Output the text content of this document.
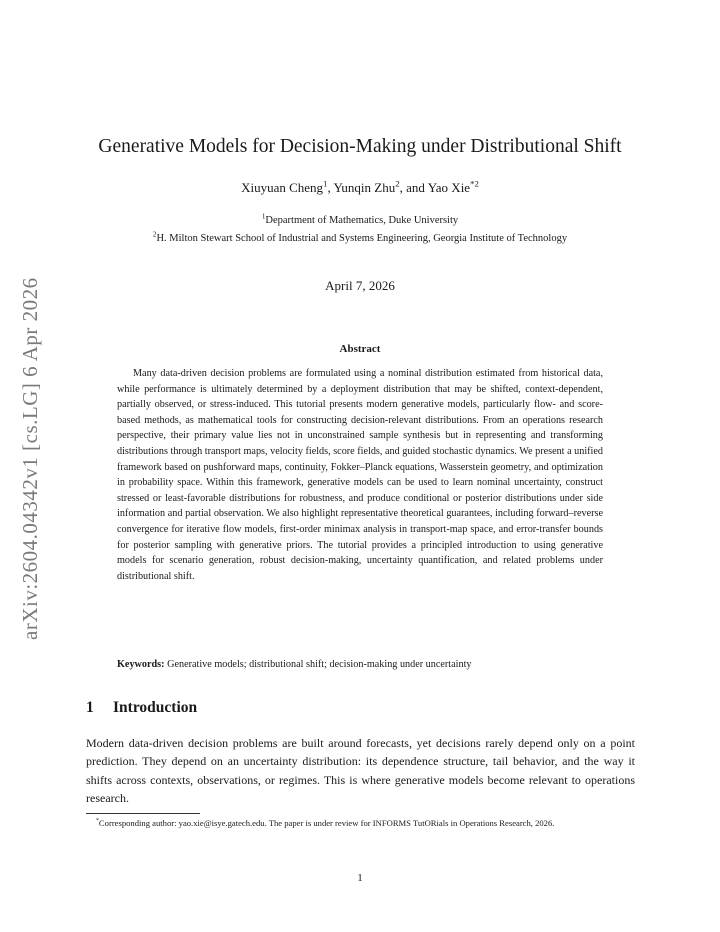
arXiv:2604.04342v1 [cs.LG] 6 Apr 2026
Generative Models for Decision-Making under Distributional Shift
Xiuyuan Cheng$^1$, Yunqin Zhu$^2$, and Yao Xie$^{*2}$
$^1$Department of Mathematics, Duke University
$^2$H. Milton Stewart School of Industrial and Systems Engineering, Georgia Institute of Technology
April 7, 2026
Abstract

Many data-driven decision problems are formulated using a nominal distribution estimated from historical data, while performance is ultimately determined by a deployment distribution that may be shifted, context-dependent, partially observed, or stress-induced. This tutorial presents modern generative models, particularly flow- and score-based methods, as mathematical tools for constructing decision-relevant distributions. From an operations research perspective, their primary value lies not in unconstrained sample synthesis but in representing and transforming distributions through transport maps, velocity fields, score fields, and guided stochastic dynamics. We present a unified framework based on pushforward maps, continuity, Fokker–Planck equations, Wasserstein geometry, and optimization in probability space. Within this framework, generative models can be used to learn nominal uncertainty, construct stressed or least-favorable distributions for robustness, and produce conditional or posterior distributions under side information and partial observation. We also highlight representative theoretical guarantees, including forward–reverse convergence for iterative flow models, first-order minimax analysis in transport-map space, and error-transfer bounds for posterior sampling with generative priors. The tutorial provides a principled introduction to using generative models for scenario generation, robust decision-making, uncertainty quantification, and related problems under distributional shift.

Keywords: Generative models; distributional shift; decision-making under uncertainty
1 Introduction

Modern data-driven decision problems are built around forecasts, yet decisions rarely depend only on a point prediction. They depend on an uncertainty distribution: its dependence structure, tail behavior, and the way it shifts across contexts, observations, or regimes. This is where generative models become relevant to operations research.

*Corresponding author: yao.xie@isye.gatech.edu. The paper is under review for INFORMS TutORials in Operations Research, 2026.

1
